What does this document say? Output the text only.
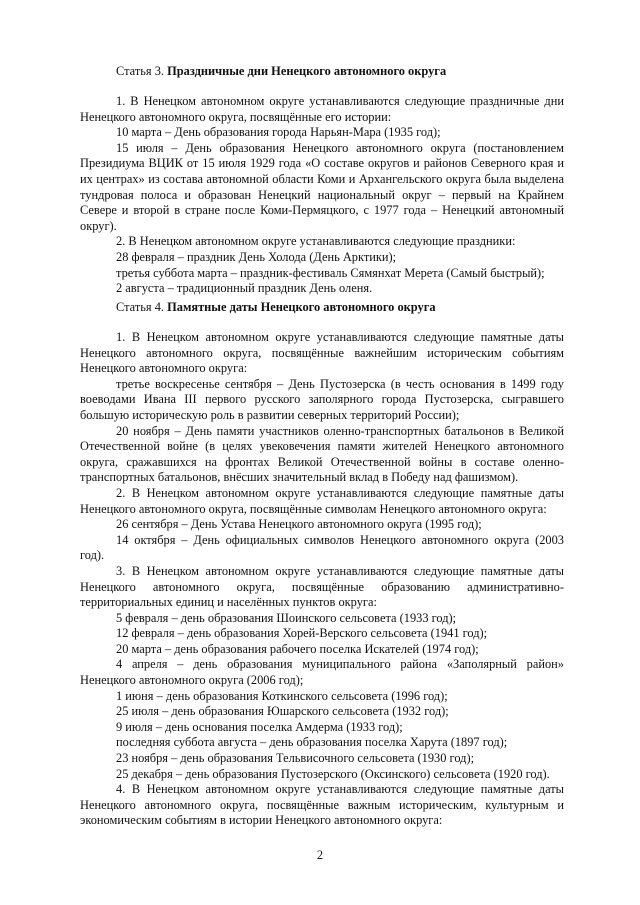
Статья 3. Праздничные дни Ненецкого автономного округа

1. В Ненецком автономном округе устанавливаются следующие праздничные дни Ненецкого автономного округа, посвящённые его истории:

10 марта – День образования города Нарьян-Мара (1935 год);

15 июля – День образования Ненецкого автономного округа (постановлением Президиума ВЦИК от 15 июля 1929 года «О составе округов и районов Северного края и их центрах» из состава автономной области Коми и Архангельского округа была выделена тундровая полоса и образован Ненецкий национальный округ – первый на Крайнем Севере и второй в стране после Коми-Пермяцкого, с 1977 года – Ненецкий автономный округ).

2. В Ненецком автономном округе устанавливаются следующие праздники:

28 февраля – праздник День Холода (День Арктики);

третья суббота марта – праздник-фестиваль Сямянхат Мерета (Самый быстрый);

2 августа – традиционный праздник День оленя.

Статья 4. Памятные даты Ненецкого автономного округа

1. В Ненецком автономном округе устанавливаются следующие памятные даты Ненецкого автономного округа, посвящённые важнейшим историческим событиям Ненецкого автономного округа:

третье воскресенье сентября – День Пустозерска (в честь основания в 1499 году воеводами Ивана III первого русского заполярного города Пустозерска, сыгравшего большую историческую роль в развитии северных территорий России);

20 ноября – День памяти участников оленно-транспортных батальонов в Великой Отечественной войне (в целях увековечения памяти жителей Ненецкого автономного округа, сражавшихся на фронтах Великой Отечественной войны в составе оленно-транспортных батальонов, внёсших значительный вклад в Победу над фашизмом).

2. В Ненецком автономном округе устанавливаются следующие памятные даты Ненецкого автономного округа, посвящённые символам Ненецкого автономного округа:

26 сентября – День Устава Ненецкого автономного округа (1995 год);

14 октября – День официальных символов Ненецкого автономного округа (2003 год).

3. В Ненецком автономном округе устанавливаются следующие памятные даты Ненецкого автономного округа, посвящённые образованию административно-территориальных единиц и населённых пунктов округа:

5 февраля – день образования Шоинского сельсовета (1933 год);

12 февраля – день образования Хорей-Верского сельсовета (1941 год);

20 марта – день образования рабочего поселка Искателей (1974 год);

4 апреля – день образования муниципального района «Заполярный район» Ненецкого автономного округа (2006 год);

1 июня – день образования Коткинского сельсовета (1996 год);

25 июля – день образования Юшарского сельсовета (1932 год);

9 июля – день основания поселка Амдерма (1933 год);

последняя суббота августа – день образования поселка Харута (1897 год);

23 ноября – день образования Тельвисочного сельсовета (1930 год);

25 декабря – день образования Пустозерского (Оксинского) сельсовета (1920 год).

4. В Ненецком автономном округе устанавливаются следующие памятные даты Ненецкого автономного округа, посвящённые важным историческим, культурным и экономическим событиям в истории Ненецкого автономного округа:

2
